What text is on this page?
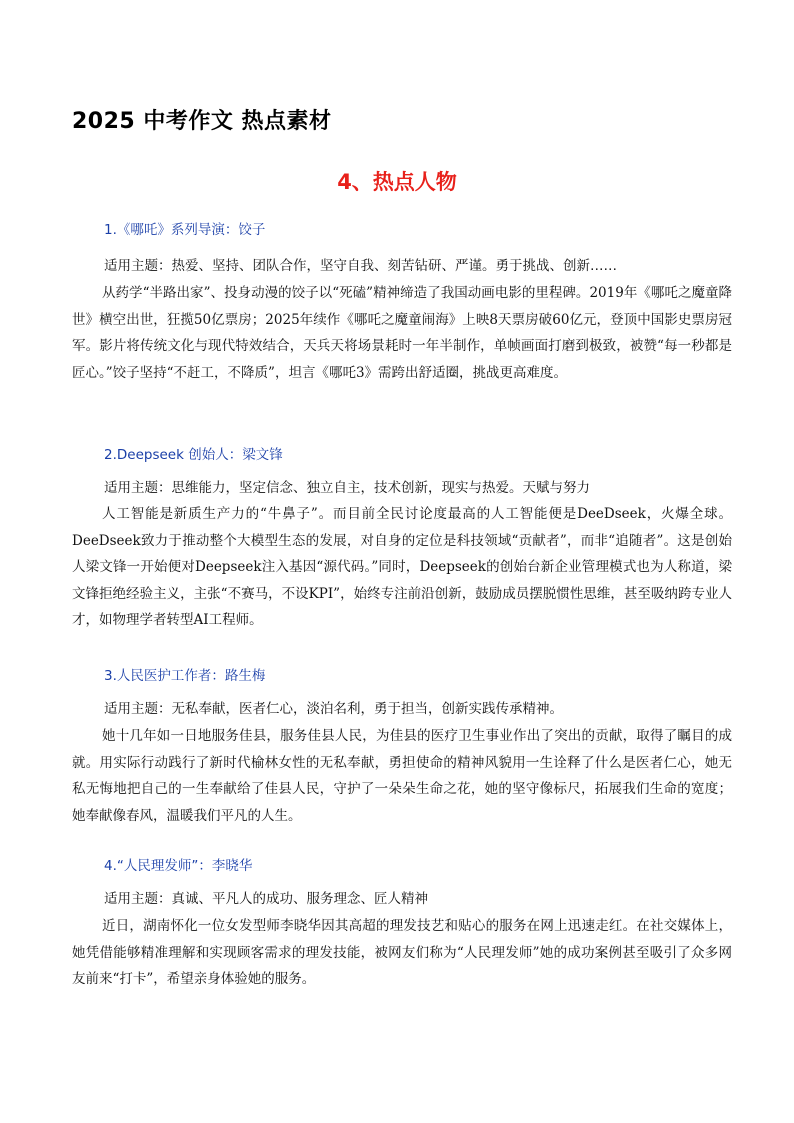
2025 中考作文 热点素材
4、热点人物
1.《哪吒》系列导演：饺子
适用主题：热爱、坚持、团队合作，坚守自我、刻苦钻研、严谨。勇于挑战、创新……

从药学“半路出家”、投身动漫的饺子以“死磕”精神缔造了我国动画电影的里程碑。2019年《哪吒之魔童降世》横空出世，狂揽50亿票房；2025年续作《哪吒之魔童闹海》上映8天票房破60亿元，登顶中国影史票房冠军。影片将传统文化与现代特效结合，天兵天将场景耗时一年半制作，单帧画面打磨到极致，被赞“每一秒都是匠心。”饺子坚持“不赶工，不降质”，坦言《哪吒3》需跨出舒适圈，挑战更高难度。

2.Deepseek 创始人：梁文锋
适用主题：思维能力，坚定信念、独立自主，技术创新，现实与热爱。天赋与努力

人工智能是新质生产力的“牛鼻子”。而目前全民讨论度最高的人工智能便是DeeDseek，火爆全球。DeeDseek致力于推动整个大模型生态的发展，对自身的定位是科技领域“贡献者”，而非“追随者”。这是创始人梁文锋一开始便对Deepseek注入基因“源代码。”同时，Deepseek的创始台新企业管理模式也为人称道，梁文锋拒绝经验主义，主张“不赛马，不设KPI”，始终专注前沿创新，鼓励成员摆脱惯性思维，甚至吸纳跨专业人才，如物理学者转型AI工程师。

3.人民医护工作者：路生梅
适用主题：无私奉献，医者仁心，淡泊名利，勇于担当，创新实践传承精神。

她十几年如一日地服务佳县，服务佳县人民，为佳县的医疗卫生事业作出了突出的贡献，取得了瞩目的成就。用实际行动践行了新时代榆林女性的无私奉献，勇担使命的精神风貌用一生诠释了什么是医者仁心，她无私无悔地把自己的一生奉献给了佳县人民，守护了一朵朵生命之花，她的坚守像标尺，拓展我们生命的宽度；她奉献像春风，温暖我们平凡的人生。

4.“人民理发师”：李晓华
适用主题：真诚、平凡人的成功、服务理念、匠人精神

近日，湖南怀化一位女发型师李晓华因其高超的理发技艺和贴心的服务在网上迅速走红。在社交媒体上，她凭借能够精准理解和实现顾客需求的理发技能，被网友们称为“人民理发师”她的成功案例甚至吸引了众多网友前来“打卡”，希望亲身体验她的服务。
